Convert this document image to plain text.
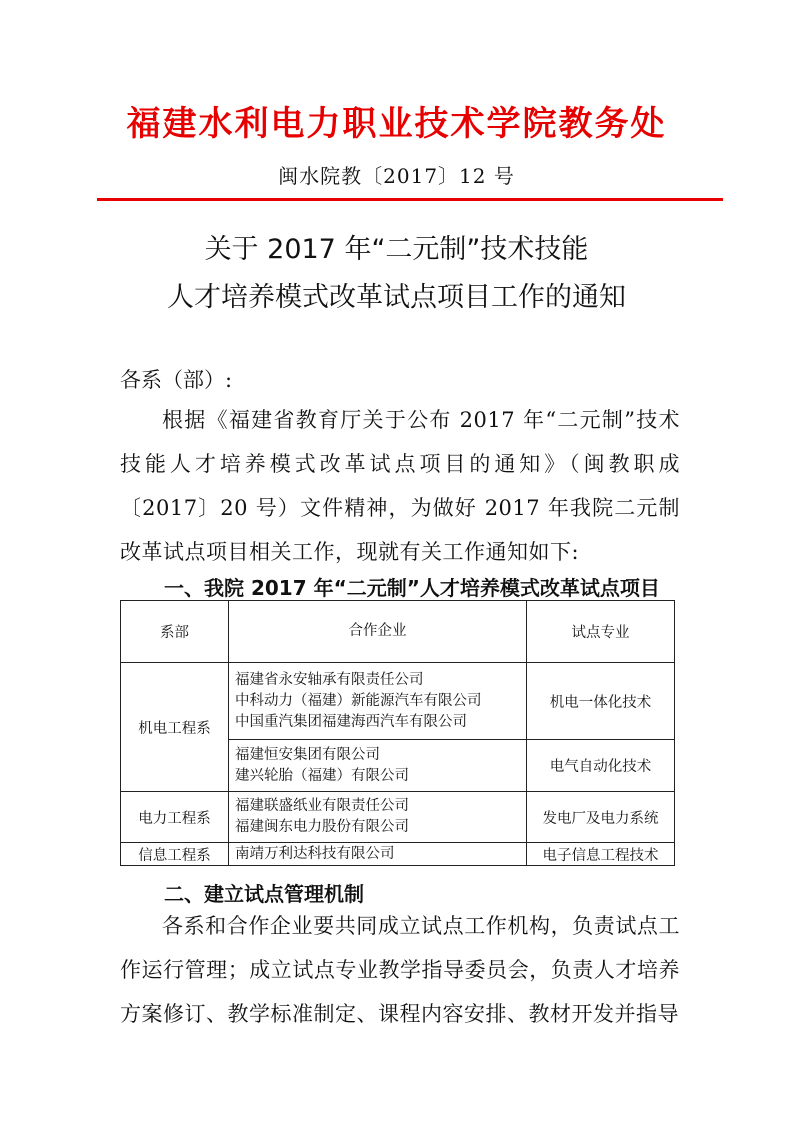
福建水利电力职业技术学院教务处
闽水院教〔2017〕12 号
关于 2017 年“二元制”技术技能
人才培养模式改革试点项目工作的通知
各系（部）:
根据《福建省教育厅关于公布 2017 年“二元制”技术技能人才培养模式改革试点项目的通知》（闽教职成〔2017〕20 号）文件精神，为做好 2017 年我院二元制改革试点项目相关工作，现就有关工作通知如下:
一、我院 2017 年“二元制”人才培养模式改革试点项目
系部	合作企业	试点专业
机电工程系	福建省永安轴承有限责任公司
中科动力（福建）新能源汽车有限公司
中国重汽集团福建海西汽车有限公司	机电一体化技术

	福建恒安集团有限公司
建兴轮胎（福建）有限公司	电气自动化技术
电力工程系	福建联盛纸业有限责任公司
福建闽东电力股份有限公司	发电厂及电力系统
信息工程系	南靖万利达科技有限公司	电子信息工程技术
二、建立试点管理机制
各系和合作企业要共同成立试点工作机构，负责试点工作运行管理；成立试点专业教学指导委员会，负责人才培养方案修订、教学标准制定、课程内容安排、教材开发并指导
